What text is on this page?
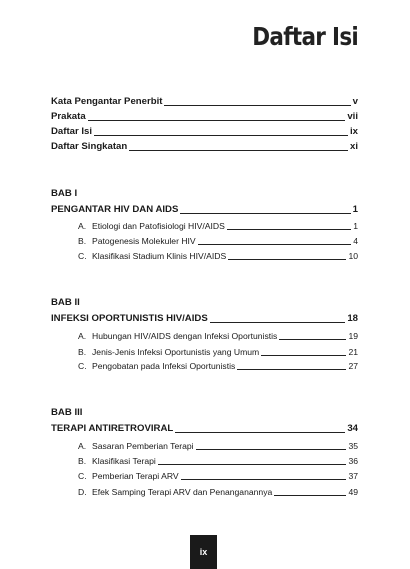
Daftar Isi
Kata Pengantar Penerbit	v
Prakata	vii
Daftar Isi	ix
Daftar Singkatan	xi
BAB I
PENGANTAR HIV DAN AIDS	1
A. Etiologi dan Patofisiologi HIV/AIDS	1
B. Patogenesis Molekuler HIV	4
C. Klasifikasi Stadium Klinis HIV/AIDS	10
BAB II
INFEKSI OPORTUNISTIS HIV/AIDS	18
A. Hubungan HIV/AIDS dengan Infeksi Oportunistis	19
B. Jenis-Jenis Infeksi Oportunistis yang Umum	21
C. Pengobatan pada Infeksi Oportunistis	27
BAB III
TERAPI ANTIRETROVIRAL	34
A. Sasaran Pemberian Terapi	35
B. Klasifikasi Terapi	36
C. Pemberian Terapi ARV	37
D. Efek Samping Terapi ARV dan Penanganannya	49
ix
